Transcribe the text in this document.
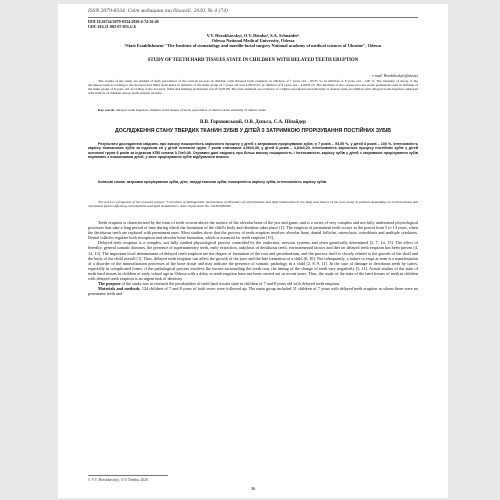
ISSN 2079-8334. Світ медицини та біології. 2020. № 4 (74)
DOI 10.26724/2079-8334-2020-4-74-36-40
UDC 616.31-002-07-053.2/.6
V.V. Horokhovskyi, O.V. Dienha¹, S.A. Schnaider¹
Odessa National Medical University, Odessa
¹State Establishment "The Institute of stomatology and maxillo-facial surgery National academy of medical sciences of Ukraine", Odessa
STUDY OF TEETH HARD TISSUES STATE IN CHILDREN WITH DELAYED TEETH ERUPTION
e-mail: Horokhovskyiv@ukr.net
The results of the study are evident of high prevalence of the carious process in children with delayed tooth eruption: in children of 7 years old – 93.55 %, in children of 8 years old – 100 %. The intensity of decay of the deciduous teeth according to the decayed and filled teeth index in children of the main group of 7 years old was 4.06±0.35, in children of 8 years old – 4.84±0.23. The intensity of the carious process in the permanent teeth in children of the main group of 8 years old according to the decayed, filled and missing teeth index was 0.74±0.08. The data obtained are evidence of a higher prevalence and intensity of dental caries in children with delayed tooth eruption compared with indices of children whose teeth erupted on time.
Key words: delayed tooth eruption, children, hard tissues of teeth, prevalence of dental caries, intensity of dental caries.
В.В. Гороховський, О.В. Дєньга, С.А. Шнайдер
ДОСЛІДЖЕННЯ СТАНУ ТВЕРДИХ ТКАНИН ЗУБІВ У ДІТЕЙ З ЗАТРИМКОЮ ПРОРІЗУВАННЯ ПОСТІЙНИХ ЗУБІВ
Результати дослідження свідчать про високу поширеність каріозного процесу у дітей з затримкою прорізування зубів: у 7 років – 93,55 %, у дітей 8 років – 100 %. Інтенсивність карієсу тимчасових зубів за індексом кп у дітей основної групи 7 років становила 4,06±0,35, у дітей 8 років – 4,84±0,23. Інтенсивність каріозного процесу постійних зубів у дітей основної групи 8 років за індексом КПВ склала 0,74±0,08. Отримані дані свідчать про більш високу поширеність і інтенсивність карієсу зубів у дітей з затримкою прорізування зубів порівняно з показниками дітей, у яких прорізування зубів відбувалося вчасно.
Ключові слова: затримка прорізування зубів, діти, тверді тканини зубів, поширеність карієсу зубів, інтенсивність карієсу зубів.
The work is a fragment of the research project "Correction of pathogenetic mechanisms of disorders of carbohydrate and lipid metabolism in the body and tissues of the oral cavity in patients depending on environmental and nutritional factors affecting carbohydrate and lipid metabolism", state registration No. 0118U000960.

Teeth eruption is characterized by the form of teeth crowns above the surface of the alveolar bone of the jaw and gums, and is a series of very complex and not fully understood physiological processes that take a long period of time during which the formation of the child's body and dentition takes place [1]. The eruption of permanent teeth occurs in the period from 5 to 14 years, when the deciduous teeth are replaced with permanent ones. Most studies show that the process of teeth eruption involves alveolar bone, dental follicles, osteoclasts, osteoblasts and multiple cytokines. Dental follicles regulate both resorption and alveolar bone formation, which is essential for teeth eruption [15].

Delayed teeth eruption is a complex, not fully studied physiological process controlled by the endocrine, nervous systems and often genetically determined [3, 7, 14, 15]. The effect of heredity, general somatic diseases, the presence of supernumerary teeth, early extraction, ankylosis of deciduous teeth, environmental factors and diet on delayed teeth eruption has been proven [4, 12, 13]. The important local determinants of delayed teeth eruption are the degree of formation of the root and periodontium, and the process itself is closely related to the growth of the skull and the body of the child overall [1]. Thus, delayed teeth eruption can affect the growth of the jaws and the bite formation of a child [6, 10]. Not infrequently, a failure to erupt at term is a manifestation of a disorder of the mineralization processes of the bone tissue and may indicate the presence of somatic pathology in a child [2, 8, 9, 11]. In the case of damage to deciduous teeth by caries, especially in complicated forms, if the pathological process involves the tissues surrounding the tooth root, the timing of the change of teeth vary negatively [5, 11]. Actual studies of the state of teeth hard tissues in children of early school age in Odessa with a delay in teeth eruption have not been carried out in recent years. Thus, the study of the state of the hard tissues of teeth in children with delayed teeth eruption is an urgent task of dentistry.

The purpose of the study was to research the peculiarities of teeth hard tissues state in children of 7 and 8 years old with delayed teeth eruption.

Materials and methods. 124 children of 7 and 8 years of both sexes were followed up. The main group included 31 children of 7 years with delayed teeth eruption in whom there were no permanent teeth and

© V.V. Horokhovskyi, O.V. Dienha, 2020
36
